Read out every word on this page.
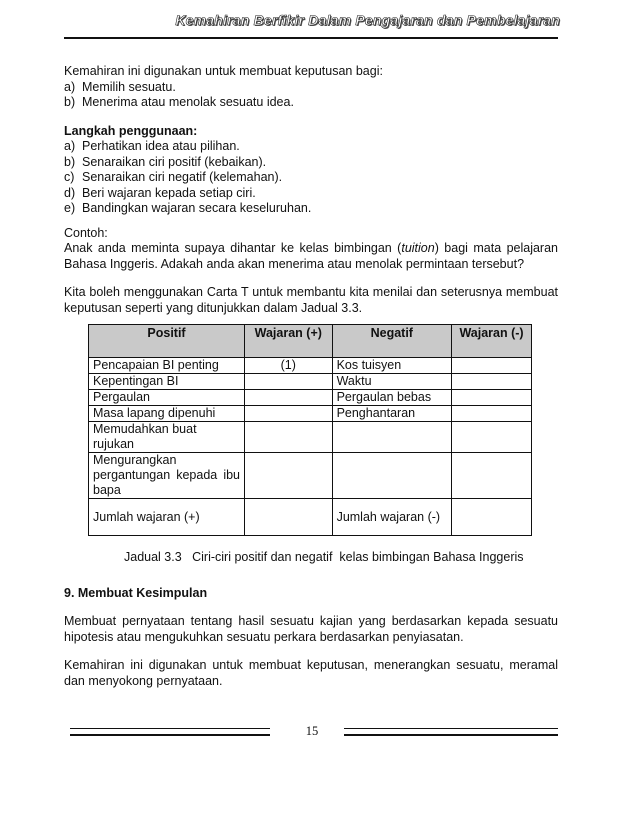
Kemahiran Berfikir Dalam Pengajaran dan Pembelajaran

Kemahiran ini digunakan untuk membuat keputusan bagi:

a) Memilih sesuatu.
b) Menerima atau menolak sesuatu idea.

Langkah penggunaan:

a) Perhatikan idea atau pilihan.
b) Senaraikan ciri positif (kebaikan).
c) Senaraikan ciri negatif (kelemahan).
d) Beri wajaran kepada setiap ciri.
e) Bandingkan wajaran secara keseluruhan.

Contoh:

Anak anda meminta supaya dihantar ke kelas bimbingan (tuition) bagi mata pelajaran Bahasa Inggeris. Adakah anda akan menerima atau menolak permintaan tersebut?

Kita boleh menggunakan Carta T untuk membantu kita menilai dan seterusnya membuat keputusan seperti yang ditunjukkan dalam Jadual 3.3.

Positif	Wajaran (+)	Negatif	Wajaran (-)
Pencapaian BI penting	(1)	Kos tuisyen	
Kepentingan BI		Waktu	
Pergaulan		Pergaulan bebas	
Masa lapang dipenuhi		Penghantaran	
Memudahkan buat rujukan			
Mengurangkan pergantungan kepada ibu bapa			
Jumlah wajaran (+)		Jumlah wajaran (-)	

Jadual 3.3   Ciri-ciri positif dan negatif  kelas bimbingan Bahasa Inggeris

9. Membuat Kesimpulan

Membuat pernyataan tentang hasil sesuatu kajian yang berdasarkan kepada sesuatu hipotesis atau mengukuhkan sesuatu perkara berdasarkan penyiasatan.

Kemahiran ini digunakan untuk membuat keputusan, menerangkan sesuatu, meramal dan menyokong pernyataan.

15
